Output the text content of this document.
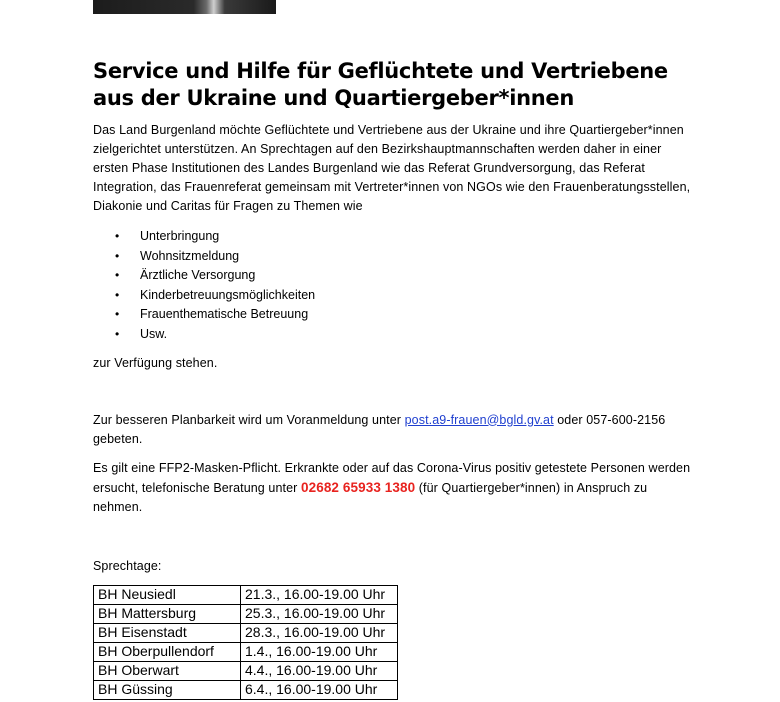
Service und Hilfe für Geflüchtete und Vertriebene aus der Ukraine und Quartiergeber*innen

Das Land Burgenland möchte Geflüchtete und Vertriebene aus der Ukraine und ihre Quartiergeber*innen zielgerichtet unterstützen. An Sprechtagen auf den Bezirkshauptmannschaften werden daher in einer ersten Phase Institutionen des Landes Burgenland wie das Referat Grundversorgung, das Referat Integration, das Frauenreferat gemeinsam mit Vertreter*innen von NGOs wie den Frauenberatungsstellen, Diakonie und Caritas für Fragen zu Themen wie

• Unterbringung
• Wohnsitzmeldung
• Ärztliche Versorgung
• Kinderbetreuungsmöglichkeiten
• Frauenthematische Betreuung
• Usw.

zur Verfügung stehen.

Zur besseren Planbarkeit wird um Voranmeldung unter post.a9-frauen@bgld.gv.at oder 057-600-2156 gebeten.

Es gilt eine FFP2-Masken-Pflicht. Erkrankte oder auf das Corona-Virus positiv getestete Personen werden ersucht, telefonische Beratung unter 02682 65933 1380 (für Quartiergeber*innen) in Anspruch zu nehmen.

Sprechtage:

BH Neusiedl	21.3., 16.00-19.00 Uhr
BH Mattersburg	25.3., 16.00-19.00 Uhr
BH Eisenstadt	28.3., 16.00-19.00 Uhr
BH Oberpullendorf	1.4., 16.00-19.00 Uhr
BH Oberwart	4.4., 16.00-19.00 Uhr
BH Güssing	6.4., 16.00-19.00 Uhr
